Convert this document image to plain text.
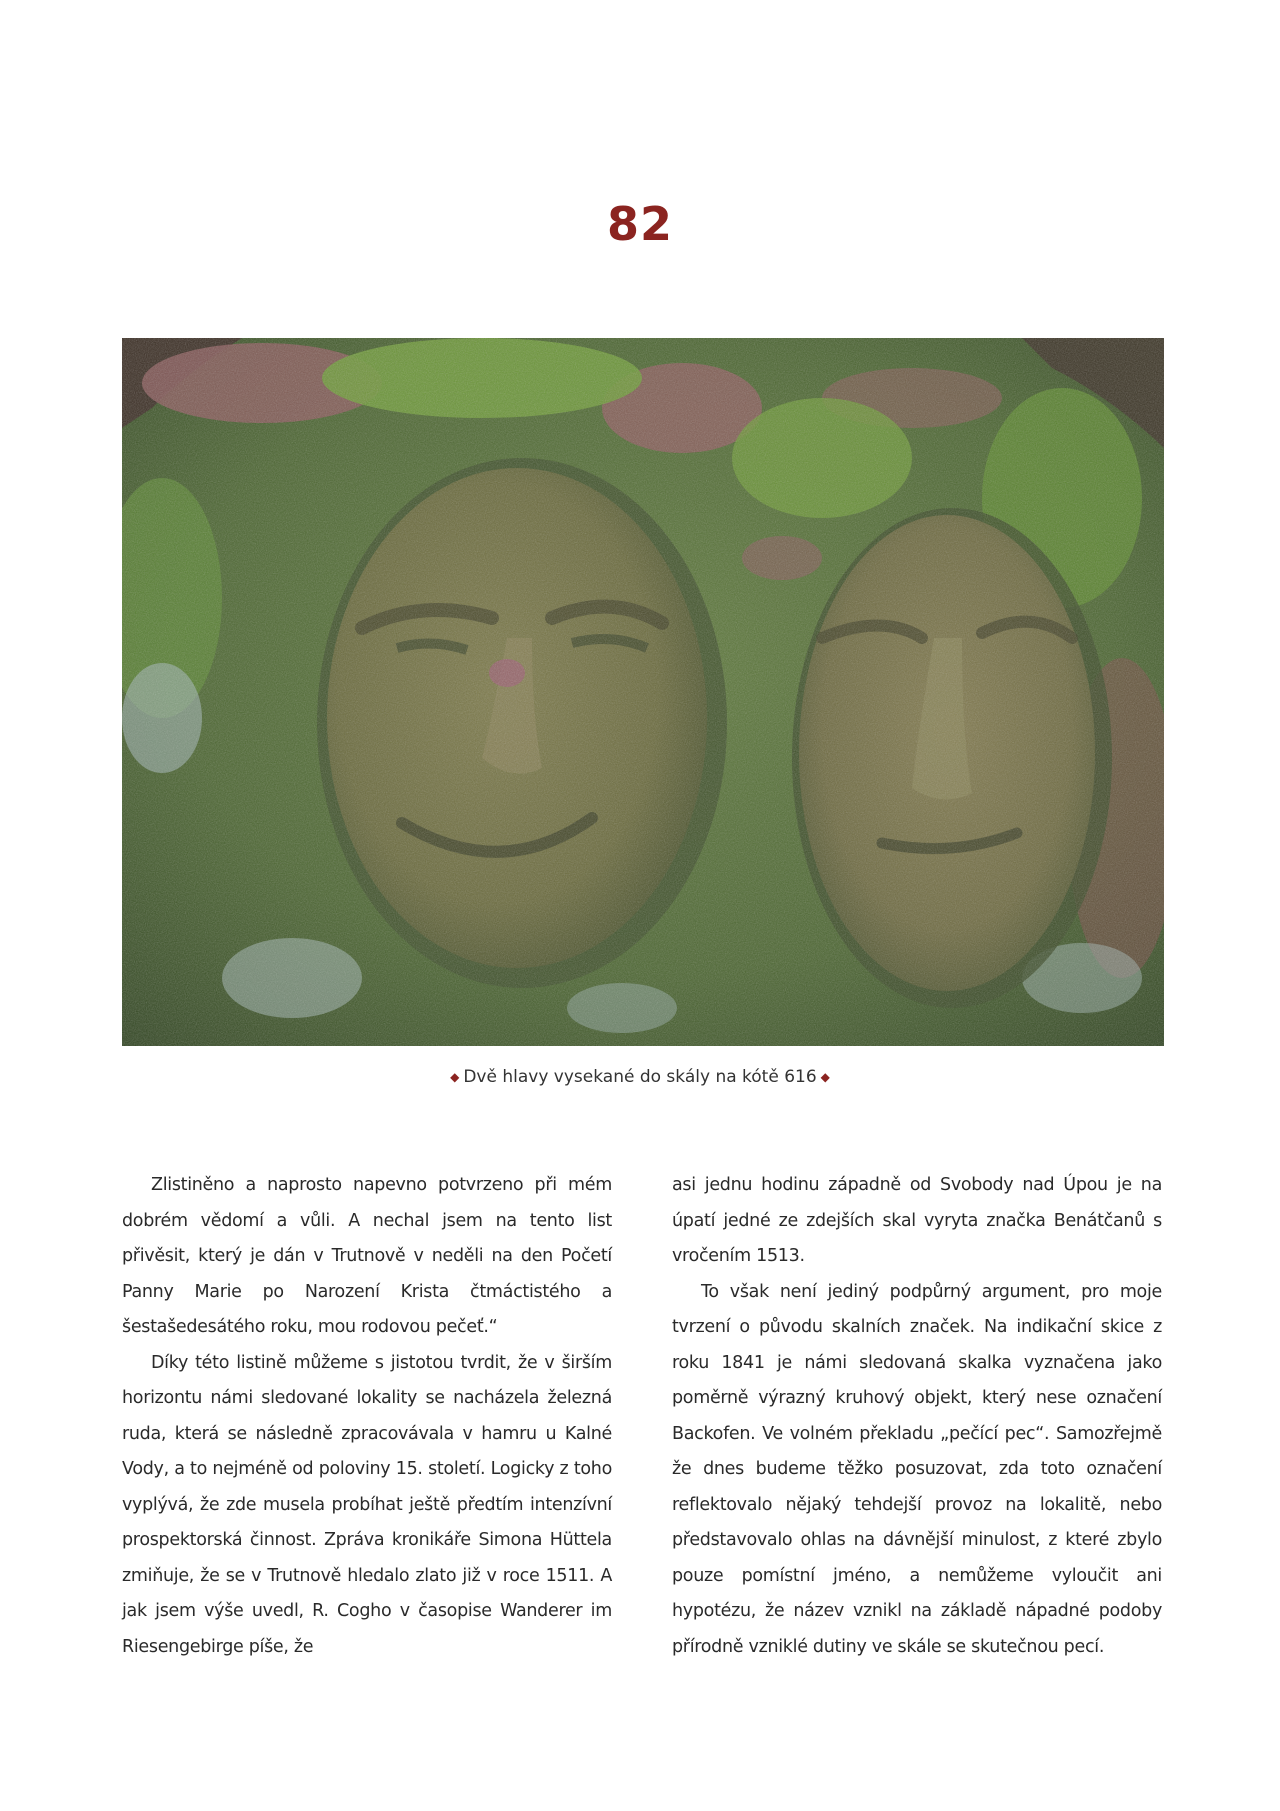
82
◆ Dvě hlavy vysekané do skály na kótě 616 ◆

Zlistiněno a naprosto napevno potvrzeno při mém dobrém vědomí a vůli. A nechal jsem na tento list přivěsit, který je dán v Trutnově v neděli na den Početí Panny Marie po Narození Krista čtmáctistého a šestašedesátého roku, mou rodovou pečeť.“

Díky této listině můžeme s jistotou tvrdit, že v širším horizontu námi sledované lokality se nacházela železná ruda, která se následně zpracovávala v hamru u Kalné Vody, a to nejméně od poloviny 15. století. Logicky z toho vyplývá, že zde musela probíhat ještě předtím intenzívní prospektorská činnost. Zpráva kronikáře Simona Hüttela zmiňuje, že se v Trutnově hledalo zlato již v roce 1511. A jak jsem výše uvedl, R. Cogho v časopise Wanderer im Riesengebirge píše, že

asi jednu hodinu západně od Svobody nad Úpou je na úpatí jedné ze zdejších skal vyryta značka Benátčanů s vročením 1513.

To však není jediný podpůrný argument, pro moje tvrzení o původu skalních značek. Na indikační skice z roku 1841 je námi sledovaná skalka vyznačena jako poměrně výrazný kruhový objekt, který nese označení Backofen. Ve volném překladu „pečící pec“. Samozřejmě že dnes budeme těžko posuzovat, zda toto označení reflektovalo nějaký tehdejší provoz na lokalitě, nebo představovalo ohlas na dávnější minulost, z které zbylo pouze pomístní jméno, a nemůžeme vyloučit ani hypotézu, že název vznikl na základě nápadné podoby přírodně vzniklé dutiny ve skále se skutečnou pecí.
